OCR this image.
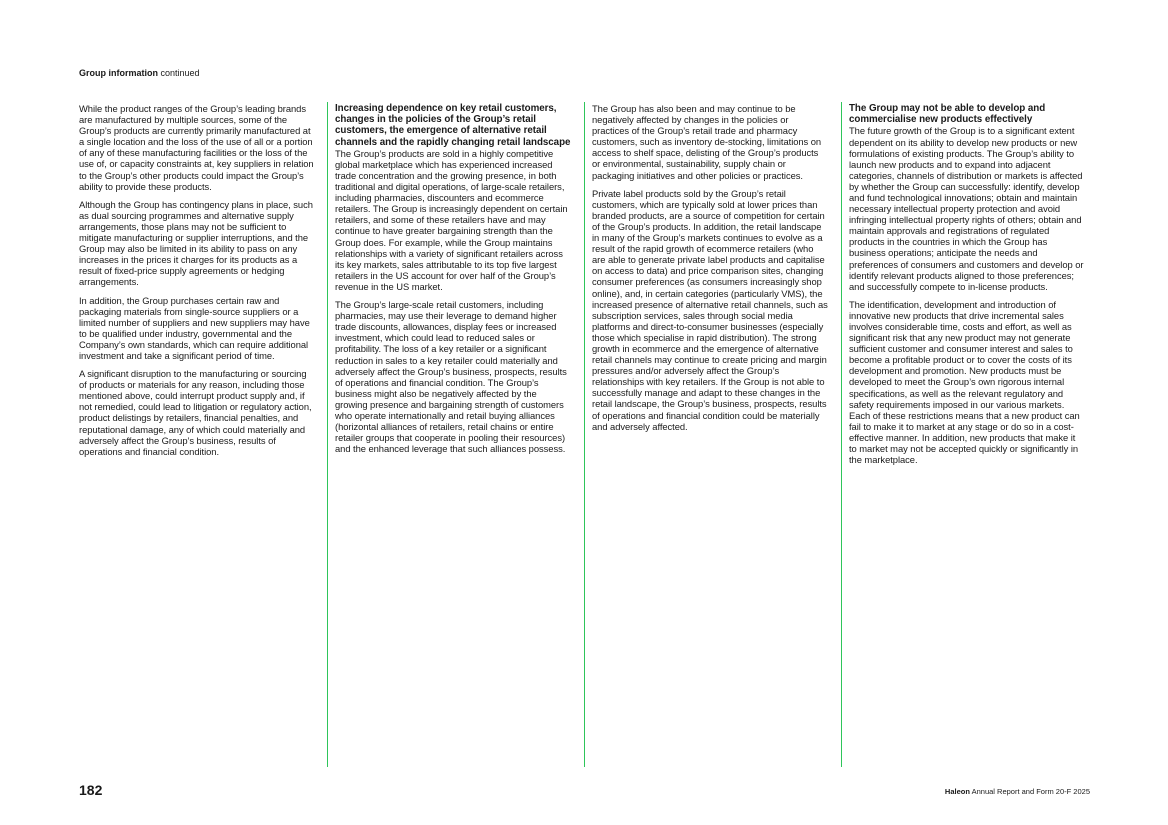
Group information continued

While the product ranges of the Group’s leading brands are manufactured by multiple sources, some of the Group’s products are currently primarily manufactured at a single location and the loss of the use of all or a portion of any of these manufacturing facilities or the loss of the use of, or capacity constraints at, key suppliers in relation to the Group’s other products could impact the Group’s ability to provide these products.

Although the Group has contingency plans in place, such as dual sourcing programmes and alternative supply arrangements, those plans may not be sufficient to mitigate manufacturing or supplier interruptions, and the Group may also be limited in its ability to pass on any increases in the prices it charges for its products as a result of fixed-price supply agreements or hedging arrangements.

In addition, the Group purchases certain raw and packaging materials from single-source suppliers or a limited number of suppliers and new suppliers may have to be qualified under industry, governmental and the Company’s own standards, which can require additional investment and take a significant period of time.

A significant disruption to the manufacturing or sourcing of products or materials for any reason, including those mentioned above, could interrupt product supply and, if not remedied, could lead to litigation or regulatory action, product delistings by retailers, financial penalties, and reputational damage, any of which could materially and adversely affect the Group’s business, results of operations and financial condition.

Increasing dependence on key retail customers, changes in the policies of the Group’s retail customers, the emergence of alternative retail channels and the rapidly changing retail landscape

The Group’s products are sold in a highly competitive global marketplace which has experienced increased trade concentration and the growing presence, in both traditional and digital operations, of large-scale retailers, including pharmacies, discounters and ecommerce retailers. The Group is increasingly dependent on certain retailers, and some of these retailers have and may continue to have greater bargaining strength than the Group does. For example, while the Group maintains relationships with a variety of significant retailers across its key markets, sales attributable to its top five largest retailers in the US account for over half of the Group’s revenue in the US market.

The Group’s large-scale retail customers, including pharmacies, may use their leverage to demand higher trade discounts, allowances, display fees or increased investment, which could lead to reduced sales or profitability. The loss of a key retailer or a significant reduction in sales to a key retailer could materially and adversely affect the Group’s business, prospects, results of operations and financial condition. The Group’s business might also be negatively affected by the growing presence and bargaining strength of customers who operate internationally and retail buying alliances (horizontal alliances of retailers, retail chains or entire retailer groups that cooperate in pooling their resources) and the enhanced leverage that such alliances possess.

The Group has also been and may continue to be negatively affected by changes in the policies or practices of the Group’s retail trade and pharmacy customers, such as inventory de-stocking, limitations on access to shelf space, delisting of the Group’s products or environmental, sustainability, supply chain or packaging initiatives and other policies or practices.

Private label products sold by the Group’s retail customers, which are typically sold at lower prices than branded products, are a source of competition for certain of the Group’s products. In addition, the retail landscape in many of the Group’s markets continues to evolve as a result of the rapid growth of ecommerce retailers (who are able to generate private label products and capitalise on access to data) and price comparison sites, changing consumer preferences (as consumers increasingly shop online), and, in certain categories (particularly VMS), the increased presence of alternative retail channels, such as subscription services, sales through social media platforms and direct-to-consumer businesses (especially those which specialise in rapid distribution). The strong growth in ecommerce and the emergence of alternative retail channels may continue to create pricing and margin pressures and/or adversely affect the Group’s relationships with key retailers. If the Group is not able to successfully manage and adapt to these changes in the retail landscape, the Group’s business, prospects, results of operations and financial condition could be materially and adversely affected.

The Group may not be able to develop and commercialise new products effectively

The future growth of the Group is to a significant extent dependent on its ability to develop new products or new formulations of existing products. The Group’s ability to launch new products and to expand into adjacent categories, channels of distribution or markets is affected by whether the Group can successfully: identify, develop and fund technological innovations; obtain and maintain necessary intellectual property protection and avoid infringing intellectual property rights of others; obtain and maintain approvals and registrations of regulated products in the countries in which the Group has business operations; anticipate the needs and preferences of consumers and customers and develop or identify relevant products aligned to those preferences; and successfully compete to in-license products.

The identification, development and introduction of innovative new products that drive incremental sales involves considerable time, costs and effort, as well as significant risk that any new product may not generate sufficient customer and consumer interest and sales to become a profitable product or to cover the costs of its development and promotion. New products must be developed to meet the Group’s own rigorous internal specifications, as well as the relevant regulatory and safety requirements imposed in our various markets. Each of these restrictions means that a new product can fail to make it to market at any stage or do so in a cost-effective manner. In addition, new products that make it to market may not be accepted quickly or significantly in the marketplace.

182	Haleon Annual Report and Form 20-F 2025
